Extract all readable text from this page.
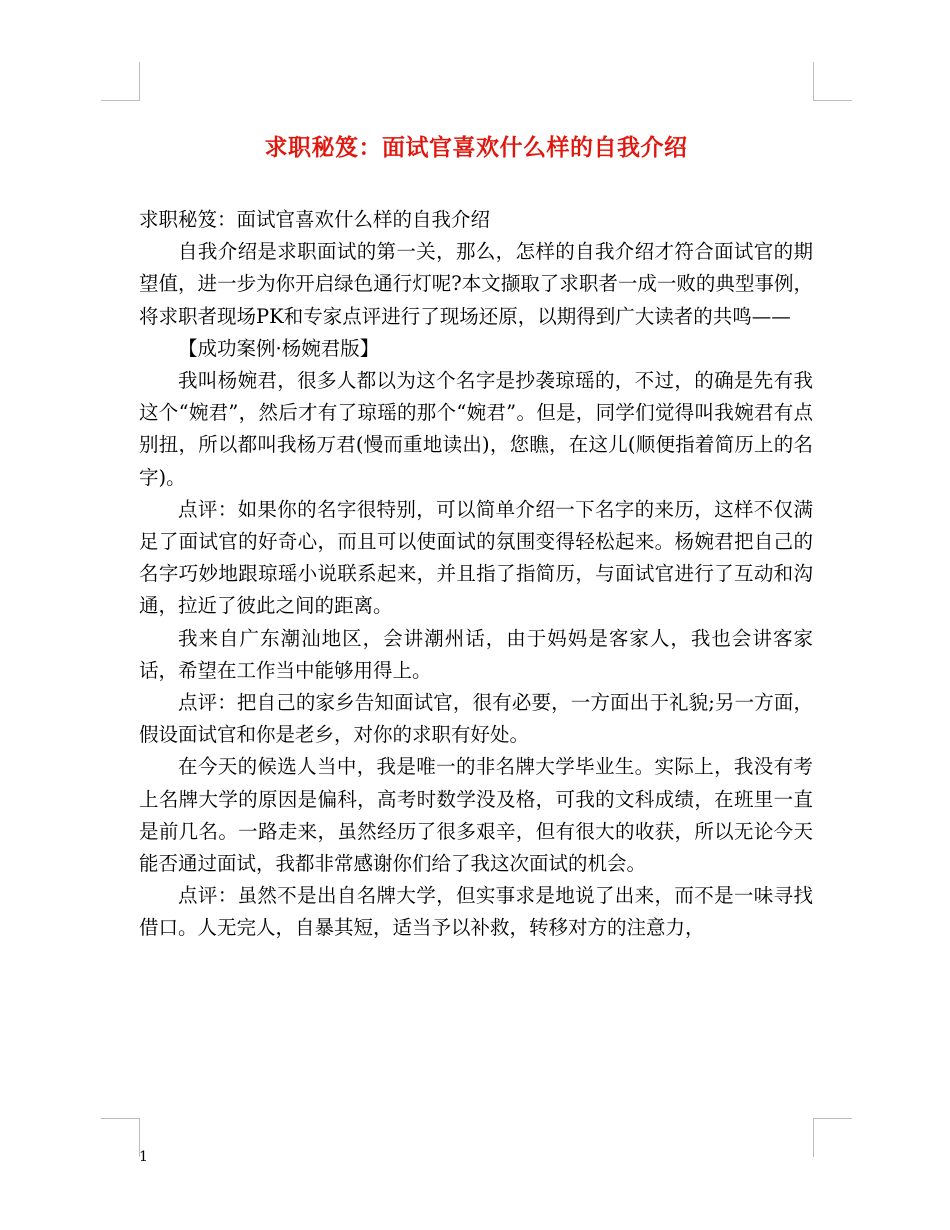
求职秘笈：面试官喜欢什么样的自我介绍

求职秘笈：面试官喜欢什么样的自我介绍

自我介绍是求职面试的第一关，那么，怎样的自我介绍才符合面试官的期望值，进一步为你开启绿色通行灯呢?本文撷取了求职者一成一败的典型事例，将求职者现场PK和专家点评进行了现场还原，以期得到广大读者的共鸣——

【成功案例·杨婉君版】

我叫杨婉君，很多人都以为这个名字是抄袭琼瑶的，不过，的确是先有我这个“婉君”，然后才有了琼瑶的那个“婉君”。但是，同学们觉得叫我婉君有点别扭，所以都叫我杨万君(慢而重地读出)，您瞧，在这儿(顺便指着简历上的名字)。

点评：如果你的名字很特别，可以简单介绍一下名字的来历，这样不仅满足了面试官的好奇心，而且可以使面试的氛围变得轻松起来。杨婉君把自己的名字巧妙地跟琼瑶小说联系起来，并且指了指简历，与面试官进行了互动和沟通，拉近了彼此之间的距离。

我来自广东潮汕地区，会讲潮州话，由于妈妈是客家人，我也会讲客家话，希望在工作当中能够用得上。

点评：把自己的家乡告知面试官，很有必要，一方面出于礼貌;另一方面，假设面试官和你是老乡，对你的求职有好处。

在今天的候选人当中，我是唯一的非名牌大学毕业生。实际上，我没有考上名牌大学的原因是偏科，高考时数学没及格，可我的文科成绩，在班里一直是前几名。一路走来，虽然经历了很多艰辛，但有很大的收获，所以无论今天能否通过面试，我都非常感谢你们给了我这次面试的机会。

点评：虽然不是出自名牌大学，但实事求是地说了出来，而不是一味寻找借口。人无完人，自暴其短，适当予以补救，转移对方的注意力，

1
